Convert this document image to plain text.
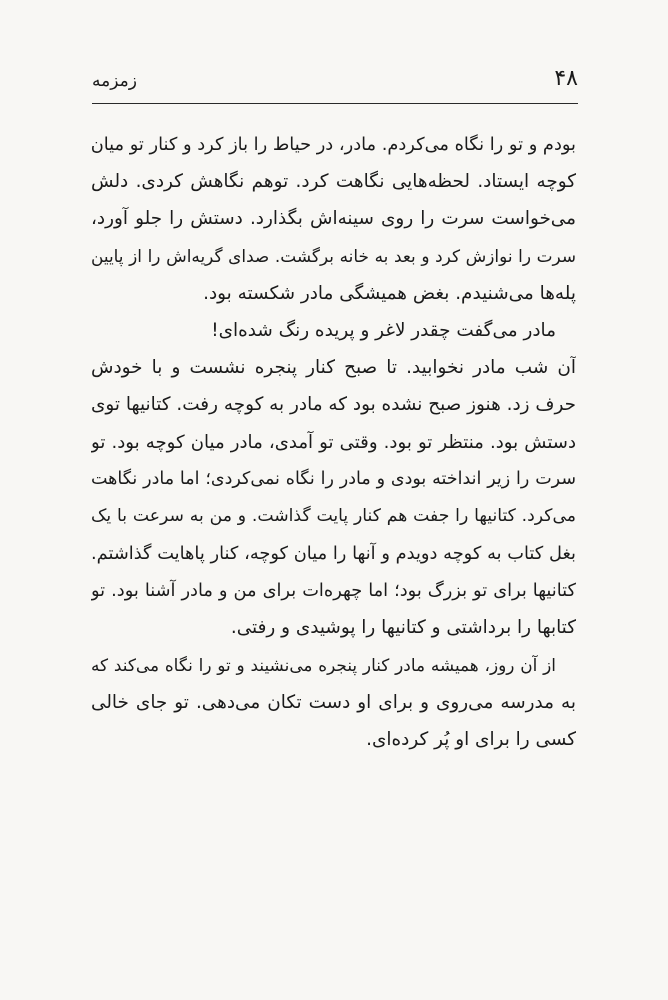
۴۸
زمزمه
بودم و تو را نگاه می‌کردم. مادر، در حیاط را باز کرد و کنار تو میان
کوچه ایستاد. لحظه‌هایی نگاهت کرد. توهم نگاهش کردی. دلش
می‌خواست سرت را روی سینه‌اش بگذارد. دستش را جلو آورد،
سرت را نوازش کرد و بعد به خانه برگشت. صدای گریه‌اش را از پایین
پله‌ها می‌شنیدم. بغض همیشگی مادر شکسته بود.
مادر می‌گفت چقدر لاغر و پریده رنگ شده‌ای!
آن شب مادر نخوابید. تا صبح کنار پنجره نشست و با خودش
حرف زد. هنوز صبح نشده بود که مادر به کوچه رفت. کتانیها توی
دستش بود. منتظر تو بود. وقتی تو آمدی، مادر میان کوچه بود. تو
سرت را زیر انداخته بودی و مادر را نگاه نمی‌کردی؛ اما مادر نگاهت
می‌کرد. کتانیها را جفت هم کنار پایت گذاشت. و من به سرعت با یک
بغل کتاب به کوچه دویدم و آنها را میان کوچه، کنار پاهایت گذاشتم.
کتانیها برای تو بزرگ بود؛ اما چهره‌ات برای من و مادر آشنا بود. تو
کتابها را برداشتی و کتانیها را پوشیدی و رفتی.
از آن روز، همیشه مادر کنار پنجره می‌نشیند و تو را نگاه می‌کند که
به مدرسه می‌روی و برای او دست تکان می‌دهی. تو جای خالی
کسی را برای او پُر کرده‌ای.
